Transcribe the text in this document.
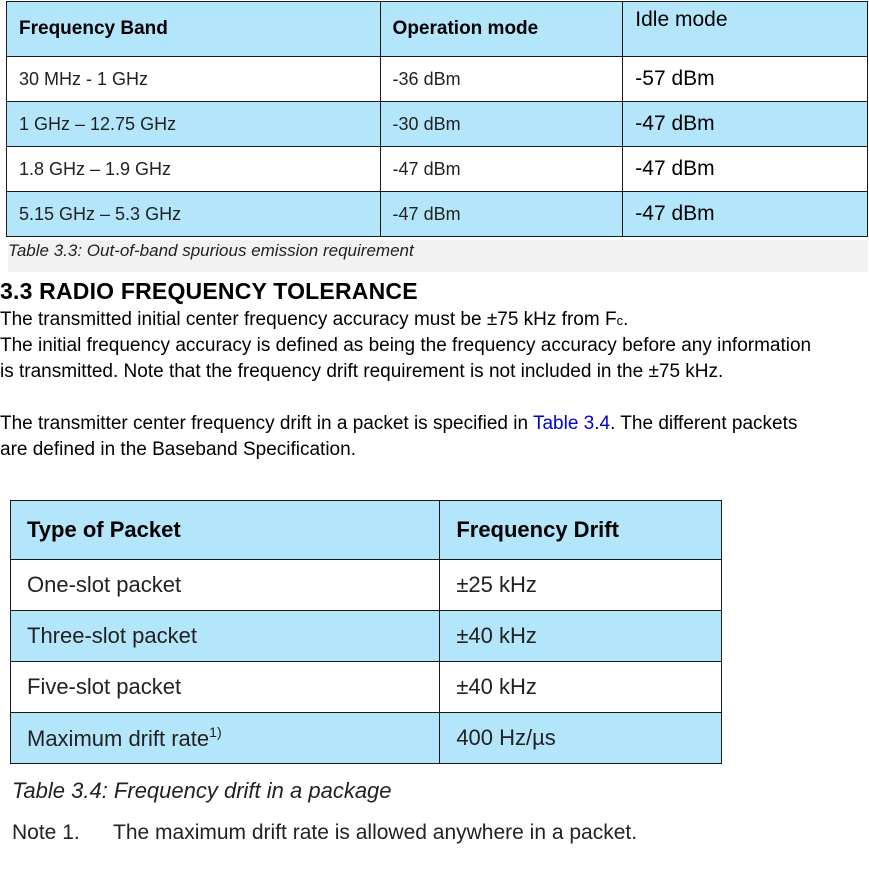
Frequency Band	Operation mode	Idle mode
30 MHz - 1 GHz	-36 dBm	-57 dBm
1 GHz – 12.75 GHz	-30 dBm	-47 dBm
1.8 GHz – 1.9 GHz	-47 dBm	-47 dBm
5.15 GHz – 5.3 GHz	-47 dBm	-47 dBm
Table 3.3: Out-of-band spurious emission requirement
3.3 RADIO FREQUENCY TOLERANCE

The transmitted initial center frequency accuracy must be ±75 kHz from Fc.

The initial frequency accuracy is defined as being the frequency accuracy before any information is transmitted. Note that the frequency drift requirement is not included in the ±75 kHz.

The transmitter center frequency drift in a packet is specified in Table 3.4. The different packets are defined in the Baseband Specification.

Type of Packet	Frequency Drift
One-slot packet	±25 kHz
Three-slot packet	±40 kHz
Five-slot packet	±40 kHz
Maximum drift rate$^{1)}$	400 Hz/µs
Table 3.4: Frequency drift in a package
Note 1.	The maximum drift rate is allowed anywhere in a packet.
